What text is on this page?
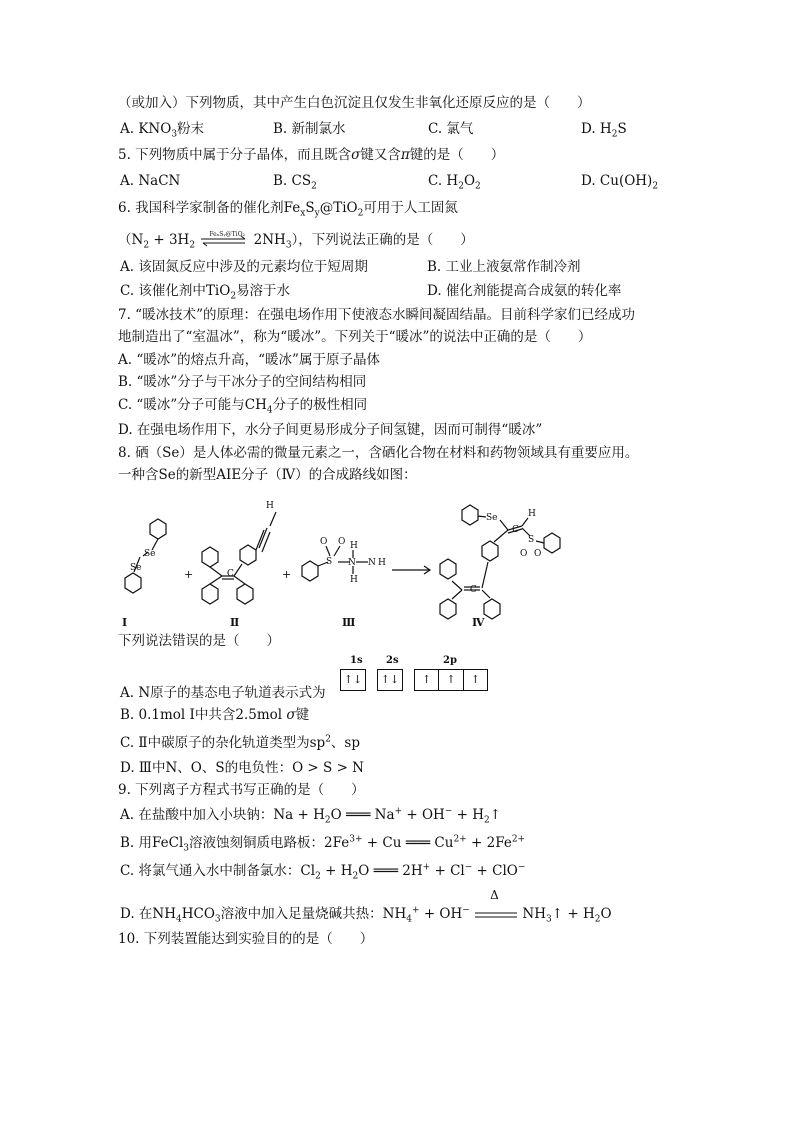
（或加入）下列物质，其中产生白色沉淀且仅发生非氧化还原反应的是（　　）
A. $KNO_3$粉末	B. 新制氯水	C. 氯气	D. $H_2S$
5. 下列物质中属于分子晶体，而且既含σ键又含π键的是（　　）
A. NaCN	B. $CS_2$	C. $H_2O_2$	D. $Cu(OH)_2$
6. 我国科学家制备的催化剂$Fe_xS_y@TiO_2$可用于人工固氮
（$N_2 + 3H_2$
FeₓSᵧ@TiO₂ $2NH_3$），下列说法正确的是（　　）
A. 该固氮反应中涉及的元素均位于短周期	B. 工业上液氨常作制冷剂
C. 该催化剂中TiO$_2$易溶于水	D. 催化剂能提高合成氨的转化率
7. “暖冰技术”的原理：在强电场作用下使液态水瞬间凝固结晶。目前科学家们已经成功
地制造出了“室温冰”，称为“暖冰”。下列关于“暖冰”的说法中正确的是（　　）
A. “暖冰”的熔点升高，“暖冰”属于原子晶体
B. “暖冰”分子与干冰分子的空间结构相同
C. “暖冰”分子可能与$CH_4$分子的极性相同
D. 在强电场作用下，水分子间更易形成分子间氢键，因而可制得“暖冰”
8. 硒（Se）是人体必需的微量元素之一，含硒化合物在材料和药物领域具有重要应用。
一种含Se的新型AIE分子（Ⅳ）的合成路线如图：
Se
Se
H
C
S
O O
N N
H
H
H
Se	H
S
O O
C
C
+	+
Ⅰ	Ⅱ	Ⅲ	Ⅳ
下列说法错误的是（　　）
A. N原子的基态电子轨道表示式为
1s 2s	2p
↑↓	↑↓	↑	↑	↑
B. 0.1mol Ⅰ中共含2.5mol σ键
C. Ⅱ中碳原子的杂化轨道类型为$sp^2$、sp
D. Ⅲ中N、O、S的电负性：O > S > N
9. 下列离子方程式书写正确的是（　　）
A. 在盐酸中加入小块钠：$Na + H_2O$ ═══ $Na^+ + OH^- + H_2↑$
B. 用FeCl$_3$溶液蚀刻铜质电路板：$2Fe^{3+} + Cu$ ═══ $Cu^{2+} + 2Fe^{2+}$
C. 将氯气通入水中制备氯水：$Cl_2 + H_2O$ ═══ 2H+ + Cl− + ClO−
D. 在$NH_4HCO_3$溶液中加入足量烧碱共热：$NH_4^+ + OH^-$
Δ
$NH_3↑ + H_2O$
10. 下列装置能达到实验目的的是（　　）
